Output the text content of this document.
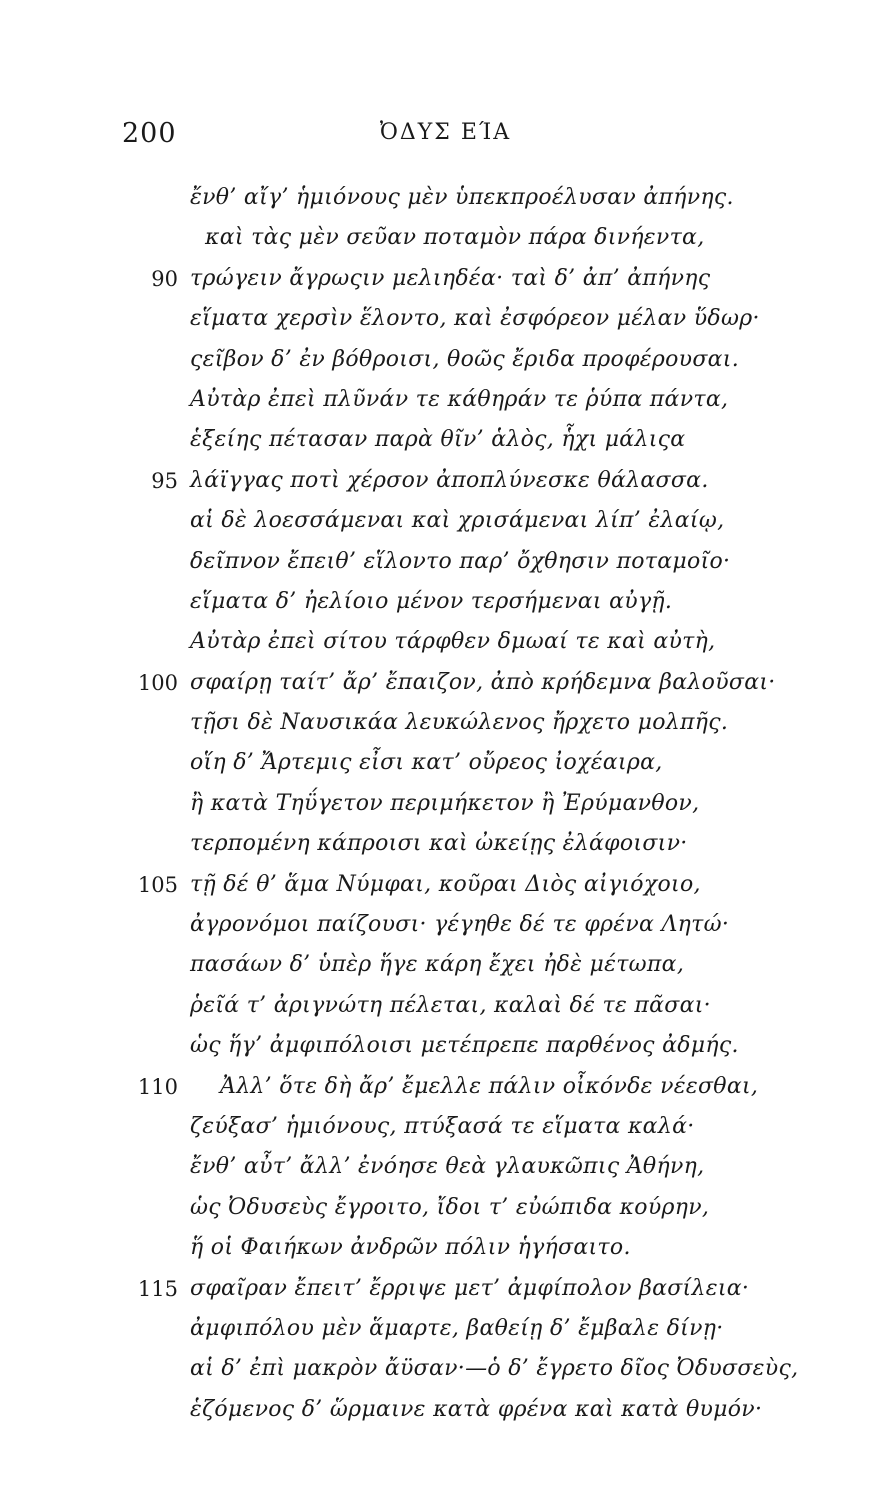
200	ὈΔΥΣ ΕΊΑ
ἔνθ’ αἴγ’ ἡμιόνους μὲν ὑπεκπροέλυσαν ἀπήνης.
καὶ τὰς μὲν σεῦαν ποταμὸν πάρα δινήεντα,
90 τρώγειν ἄγρωςιν μελιηδέα· ταὶ δ’ ἀπ’ ἀπήνης
εἵματα χερσὶν ἕλοντο, καὶ ἐσφόρεον μέλαν ὕδωρ·
ςεῖβον δ’ ἐν βόθροισι, θοῶς ἔριδα προφέρουσαι.
Αὐτὰρ ἐπεὶ πλῦνάν τε κάθηράν τε ῥύπα πάντα,
ἑξείης πέτασαν παρὰ θῖν’ ἁλὸς, ἧχι μάλιςα
95 λάϊγγας ποτὶ χέρσον ἀποπλύνεσκε θάλασσα.
αἱ δὲ λοεσσάμεναι καὶ χρισάμεναι λίπ’ ἐλαίῳ,
δεῖπνον ἔπειθ’ εἵλοντο παρ’ ὄχθησιν ποταμοῖο·
εἵματα δ’ ἠελίοιο μένον τερσήμεναι αὐγῇ.
Αὐτὰρ ἐπεὶ σίτου τάρφθεν δμωαί τε καὶ αὐτὴ,
100 σφαίρῃ ταίτ’ ἄρ’ ἔπαιζον, ἀπὸ κρήδεμνα βαλοῦσαι·
τῇσι δὲ Ναυσικάα λευκώλενος ἤρχετο μολπῆς.
οἵη δ’ Ἄρτεμις εἶσι κατ’ οὔρεος ἰοχέαιρα,
ἢ κατὰ Τηΰγετον περιμήκετον ἢ Ἐρύμανθον,
τερπομένη κάπροισι καὶ ὠκείῃς ἐλάφοισιν·
105 τῇ δέ θ’ ἅμα Νύμφαι, κοῦραι Διὸς αἰγιόχοιο,
ἀγρονόμοι παίζουσι· γέγηθε δέ τε φρένα Λητώ·
πασάων δ’ ὑπὲρ ἥγε κάρη ἔχει ἠδὲ μέτωπα,
ῥεῖά τ’ ἀριγνώτη πέλεται, καλαὶ δέ τε πᾶσαι·
ὡς ἥγ’ ἀμφιπόλοισι μετέπρεπε παρθένος ἀδμής.
110 Ἀλλ’ ὅτε δὴ ἄρ’ ἔμελλε πάλιν οἶκόνδε νέεσθαι,
ζεύξασ’ ἡμιόνους, πτύξασά τε εἵματα καλά·
ἔνθ’ αὖτ’ ἄλλ’ ἐνόησε θεὰ γλαυκῶπις Ἀθήνη,
ὡς Ὀδυσεὺς ἔγροιτο, ἴδοι τ’ εὐώπιδα κούρην,
ἥ οἱ Φαιήκων ἀνδρῶν πόλιν ἡγήσαιτο.
115 σφαῖραν ἔπειτ’ ἔρριψε μετ’ ἀμφίπολον βασίλεια·
ἀμφιπόλου μὲν ἅμαρτε, βαθείῃ δ’ ἔμβαλε δίνῃ·
αἱ δ’ ἐπὶ μακρὸν ἄϋσαν·—ὁ δ’ ἔγρετο δῖος Ὀδυσσεὺς,
ἑζόμενος δ’ ὥρμαινε κατὰ φρένα καὶ κατὰ θυμόν·
